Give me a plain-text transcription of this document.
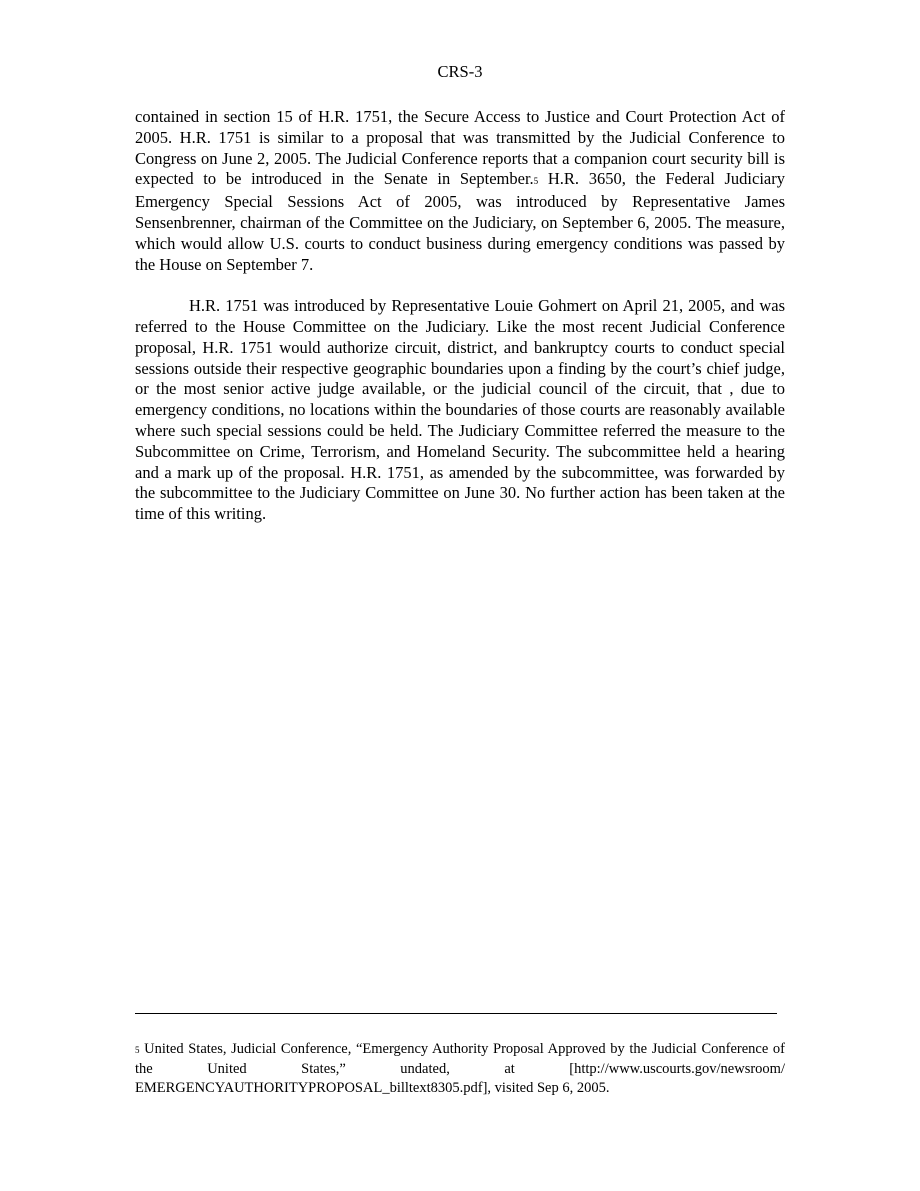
CRS-3

contained in section 15 of H.R. 1751, the Secure Access to Justice and Court Protection Act of 2005. H.R. 1751 is similar to a proposal that was transmitted by the Judicial Conference to Congress on June 2, 2005. The Judicial Conference reports that a companion court security bill is expected to be introduced in the Senate in September.5 H.R. 3650, the Federal Judiciary Emergency Special Sessions Act of 2005, was introduced by Representative James Sensenbrenner, chairman of the Committee on the Judiciary, on September 6, 2005. The measure, which would allow U.S. courts to conduct business during emergency conditions was passed by the House on September 7.

H.R. 1751 was introduced by Representative Louie Gohmert on April 21, 2005, and was referred to the House Committee on the Judiciary. Like the most recent Judicial Conference proposal, H.R. 1751 would authorize circuit, district, and bankruptcy courts to conduct special sessions outside their respective geographic boundaries upon a finding by the court’s chief judge, or the most senior active judge available, or the judicial council of the circuit, that , due to emergency conditions, no locations within the boundaries of those courts are reasonably available where such special sessions could be held. The Judiciary Committee referred the measure to the Subcommittee on Crime, Terrorism, and Homeland Security. The subcommittee held a hearing and a mark up of the proposal. H.R. 1751, as amended by the subcommittee, was forwarded by the subcommittee to the Judiciary Committee on June 30. No further action has been taken at the time of this writing.

5 United States, Judicial Conference, “Emergency Authority Proposal Approved by the Judicial Conference of the United States,” undated, at [http://www.uscourts.gov/newsroom/ EMERGENCYAUTHORITYPROPOSAL_billtext8305.pdf], visited Sep 6, 2005.
